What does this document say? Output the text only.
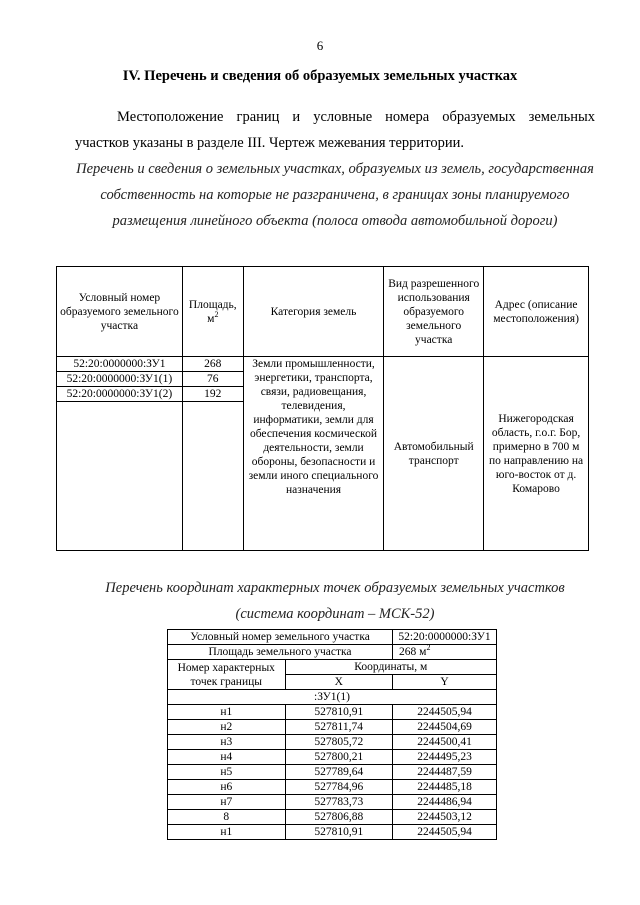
6
IV. Перечень и сведения об образуемых земельных участках

Местоположение границ и условные номера образуемых земельных участков указаны в разделе III. Чертеж межевания территории.

Перечень и сведения о земельных участках, образуемых из земель, государственная собственность на которые не разграничена, в границах зоны планируемого размещения линейного объекта (полоса отвода автомобильной дороги)

Условный номер образуемого земельного участка	Площадь, $м^2$	Категория земель	Вид разрешенного использования образуемого земельного участка	Адрес (описание местоположения)
52:20:0000000:ЗУ1	268	Земли промышленности, энергетики, транспорта, связи, радиовещания, телевидения, информатики, земли для обеспечения космической деятельности, земли обороны, безопасности и земли иного специального назначения	Автомобильный транспорт	Нижегородская область, г.о.г. Бор, примерно в 700 м по направлению на юго-восток от д. Комарово
52:20:0000000:ЗУ1(1)	76			
52:20:0000000:ЗУ1(2)	192			

Перечень координат характерных точек образуемых земельных участков
(система координат – МСК-52)

Условный номер земельного участка		52:20:0000000:ЗУ1
Площадь земельного участка		268 $м^2$
Номер характерных точек границы	Координаты, м	
	X	Y
:ЗУ1(1)		
н1	527810,91	2244505,94
н2	527811,74	2244504,69
н3	527805,72	2244500,41
н4	527800,21	2244495,23
н5	527789,64	2244487,59
н6	527784,96	2244485,18
н7	527783,73	2244486,94
8	527806,88	2244503,12
н1	527810,91	2244505,94
